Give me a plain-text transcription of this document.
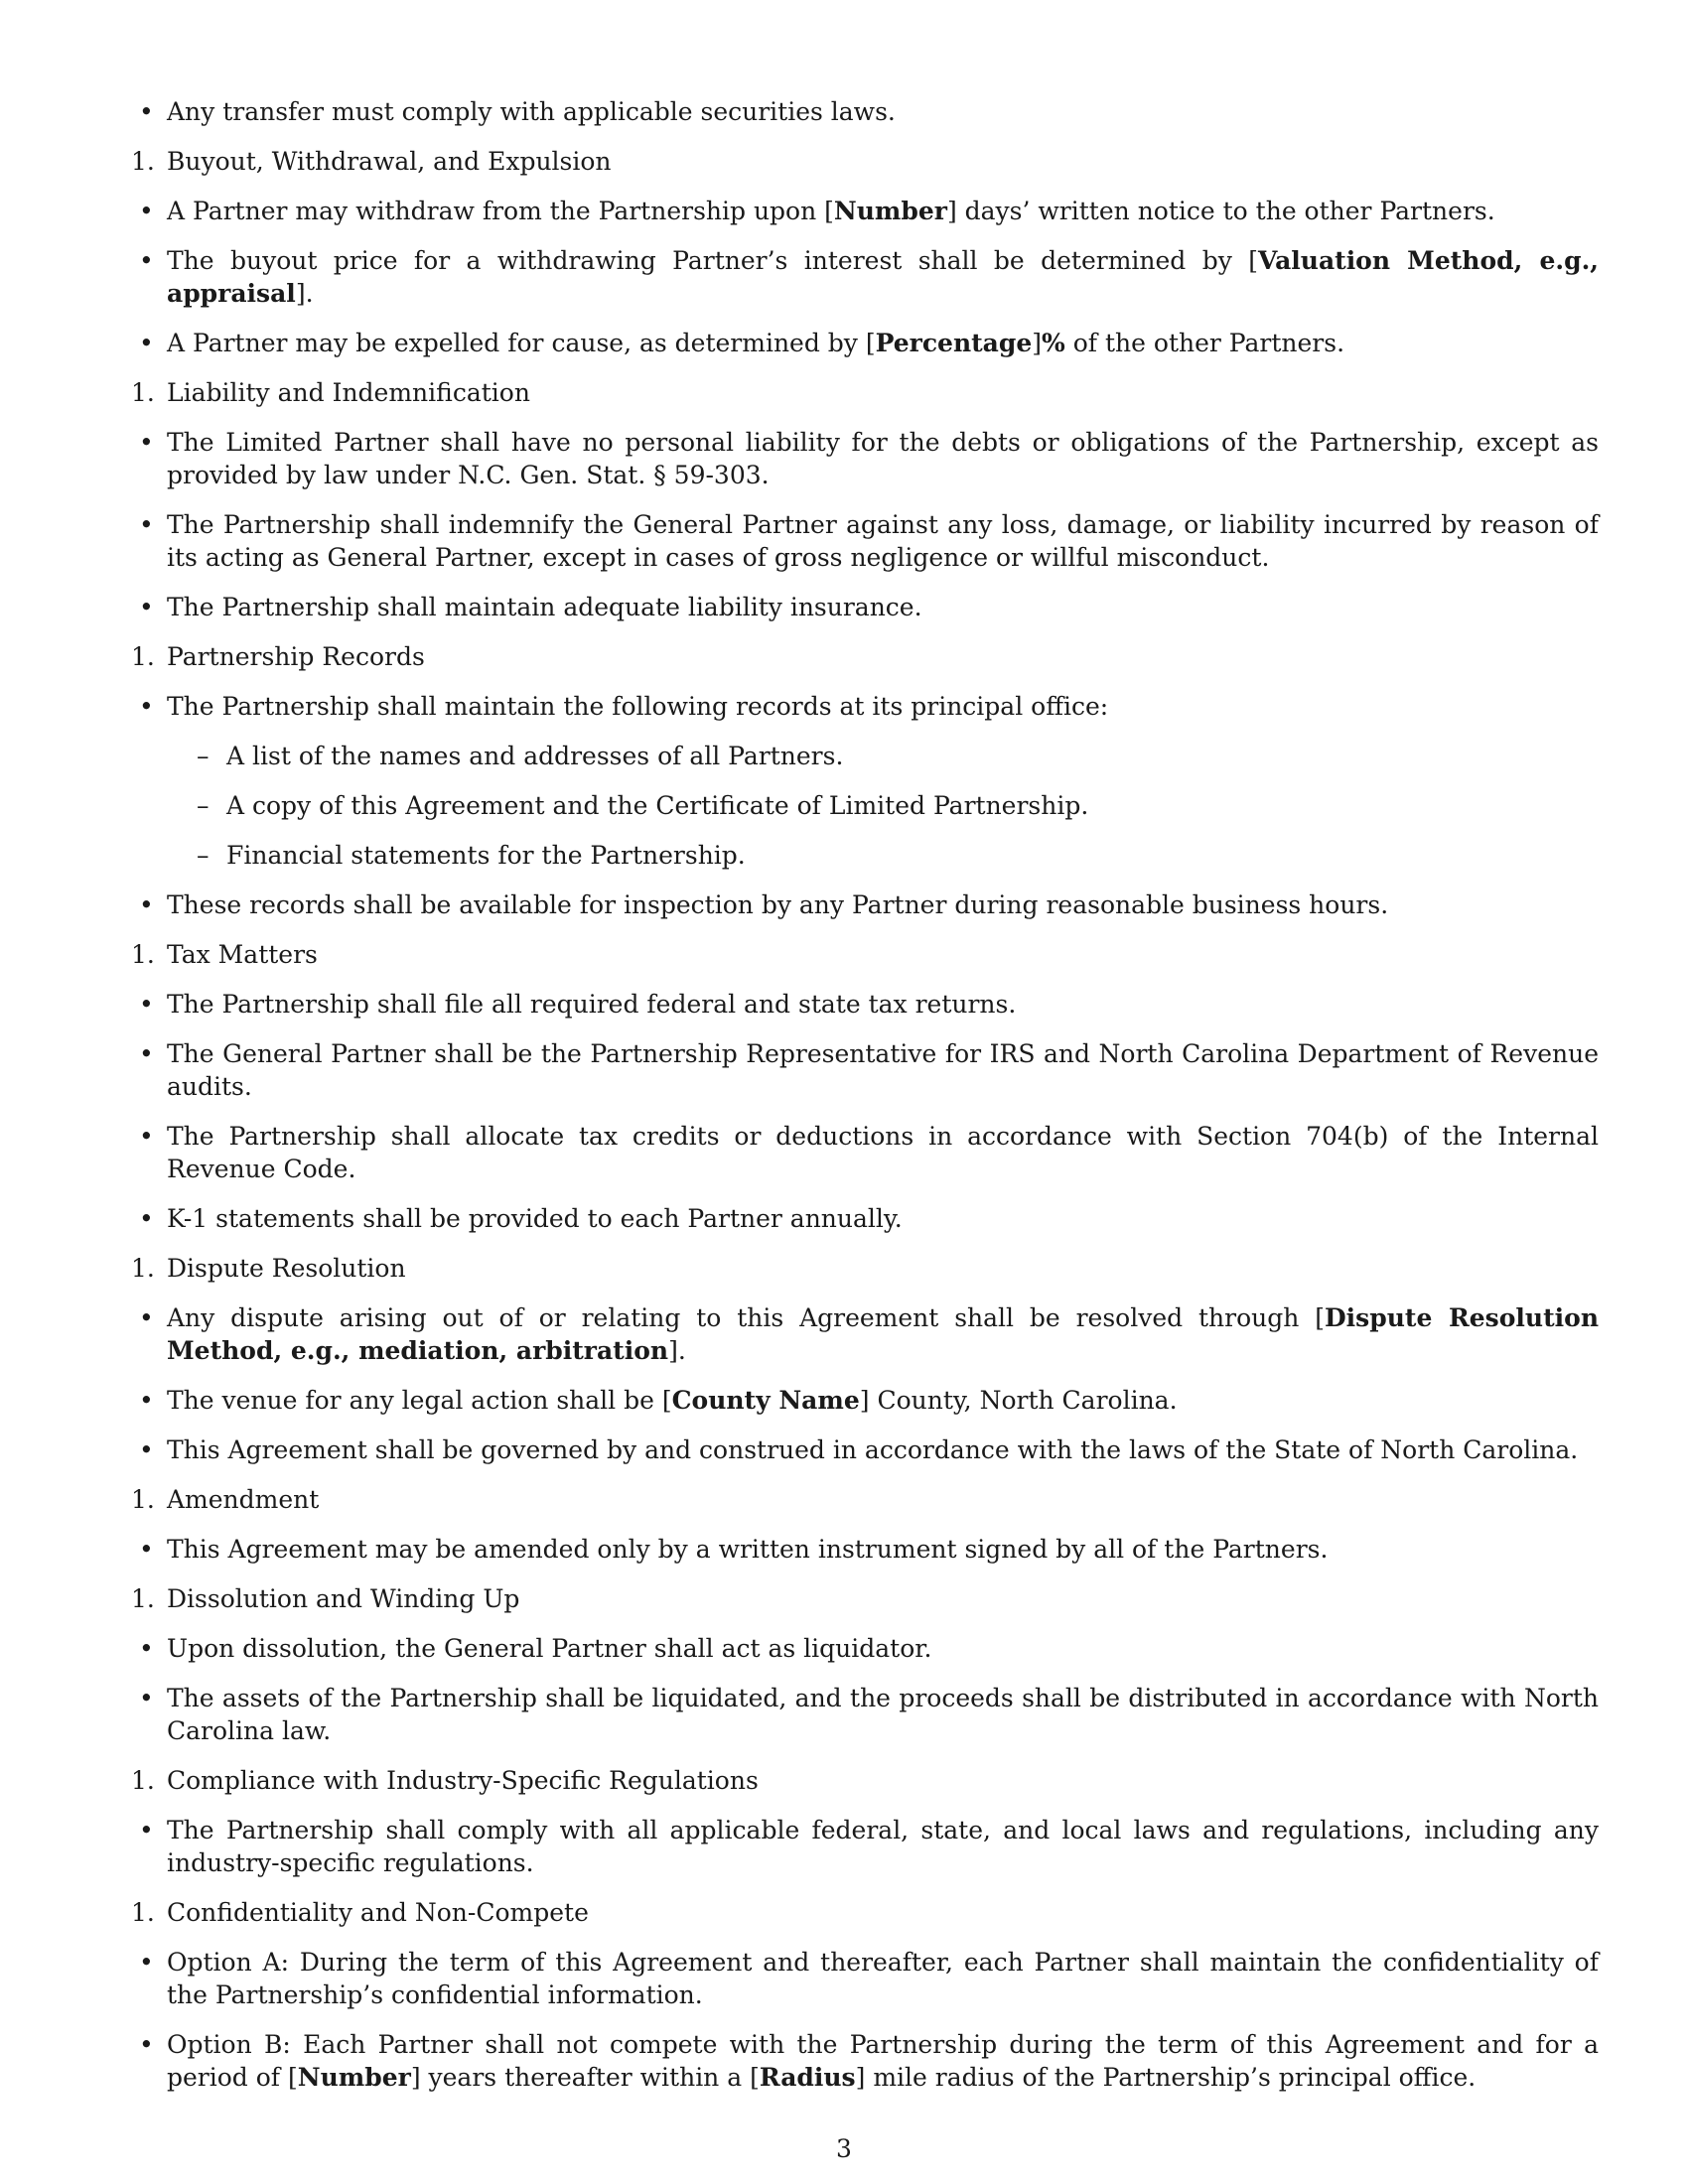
• Any transfer must comply with applicable securities laws.
1. Buyout, Withdrawal, and Expulsion
• A Partner may withdraw from the Partnership upon [Number] days’ written notice to the other Partners.
• The buyout price for a withdrawing Partner’s interest shall be determined by [Valuation Method, e.g., appraisal].
• A Partner may be expelled for cause, as determined by [Percentage]% of the other Partners.
1. Liability and Indemnification
• The Limited Partner shall have no personal liability for the debts or obligations of the Partnership, except as provided by law under N.C. Gen. Stat. § 59-303.
• The Partnership shall indemnify the General Partner against any loss, damage, or liability incurred by reason of its acting as General Partner, except in cases of gross negligence or willful misconduct.
• The Partnership shall maintain adequate liability insurance.
1. Partnership Records
• The Partnership shall maintain the following records at its principal office:
– A list of the names and addresses of all Partners.
– A copy of this Agreement and the Certificate of Limited Partnership.
– Financial statements for the Partnership.
• These records shall be available for inspection by any Partner during reasonable business hours.
1. Tax Matters
• The Partnership shall file all required federal and state tax returns.
• The General Partner shall be the Partnership Representative for IRS and North Carolina Department of Revenue audits.
• The Partnership shall allocate tax credits or deductions in accordance with Section 704(b) of the Internal Revenue Code.
• K-1 statements shall be provided to each Partner annually.
1. Dispute Resolution
• Any dispute arising out of or relating to this Agreement shall be resolved through [Dispute Resolution Method, e.g., mediation, arbitration].
• The venue for any legal action shall be [County Name] County, North Carolina.
• This Agreement shall be governed by and construed in accordance with the laws of the State of North Carolina.
1. Amendment
• This Agreement may be amended only by a written instrument signed by all of the Partners.
1. Dissolution and Winding Up
• Upon dissolution, the General Partner shall act as liquidator.
• The assets of the Partnership shall be liquidated, and the proceeds shall be distributed in accordance with North Carolina law.
1. Compliance with Industry-Specific Regulations
• The Partnership shall comply with all applicable federal, state, and local laws and regulations, including any industry-specific regulations.
1. Confidentiality and Non-Compete
• Option A: During the term of this Agreement and thereafter, each Partner shall maintain the confidentiality of the Partnership’s confidential information.
• Option B: Each Partner shall not compete with the Partnership during the term of this Agreement and for a period of [Number] years thereafter within a [Radius] mile radius of the Partnership’s principal office.
3
